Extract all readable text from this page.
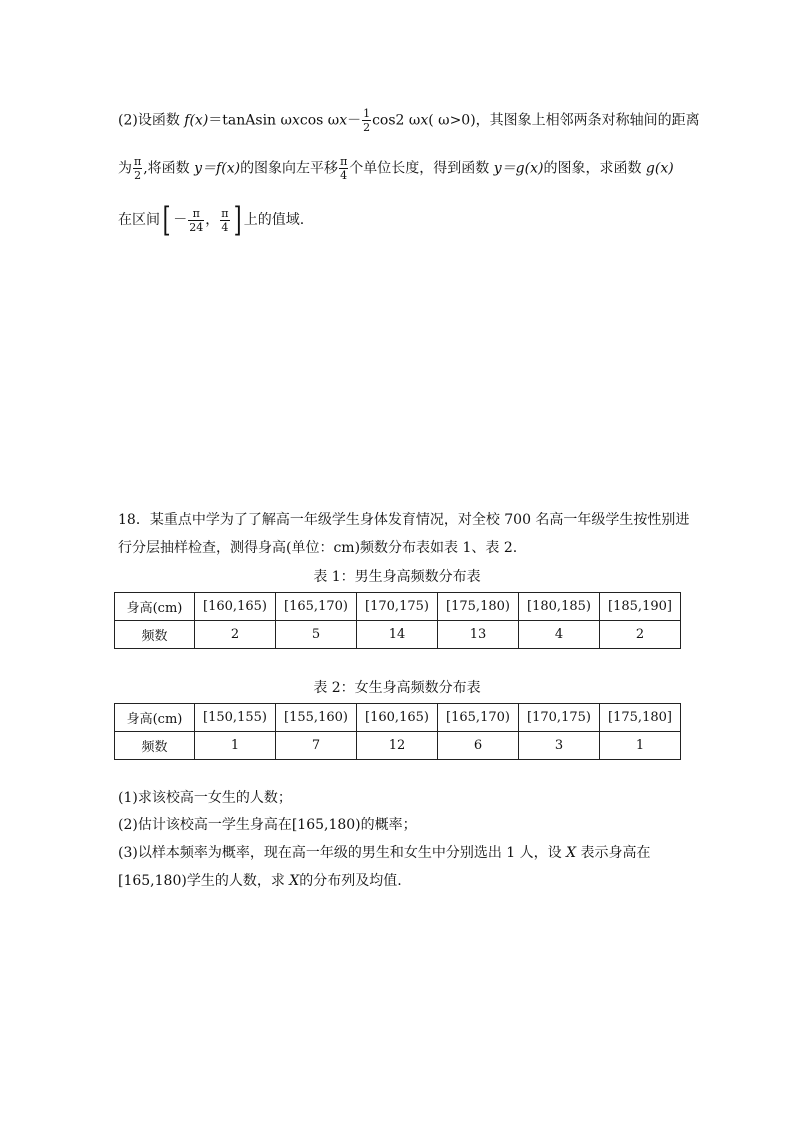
(2)设函数 f(x)＝tanAsin ωxcos $\omega x- \frac{1}{2} \cos 2$ ωx( ω>0)，其图象上相邻两条对称轴间的距离
为 $\frac{\pi}{2}$ ,将函数 y＝f(x)的图象向左平移 $\frac{\pi}{4}$ 个单位长度，得到函数 y＝g(x)的图象，求函数 g(x)
在区间[ － $\frac{\pi}{24}$ ， $\frac{\pi}{4}$ ] 上的值域.
18．某重点中学为了了解高一年级学生身体发育情况，对全校 700 名高一年级学生按性别进
行分层抽样检查，测得身高(单位：cm)频数分布表如表 1、表 2.
表 1：男生身高频数分布表
身高(cm)	[160,165)	[165,170)	[170,175)	[175,180)	[180,185)	[185,190]
频数	2	5	14	13	4	2
表 2：女生身高频数分布表
身高(cm)	[150,155)	[155,160)	[160,165)	[165,170)	[170,175)	[175,180]
频数	1	7	12	6	3	1
(1)求该校高一女生的人数；
(2)估计该校高一学生身高在[165,180)的概率；
(3)以样本频率为概率，现在高一年级的男生和女生中分别选出 1 人，设 X 表示身高在
[165,180)学生的人数，求 X的分布列及均值.
